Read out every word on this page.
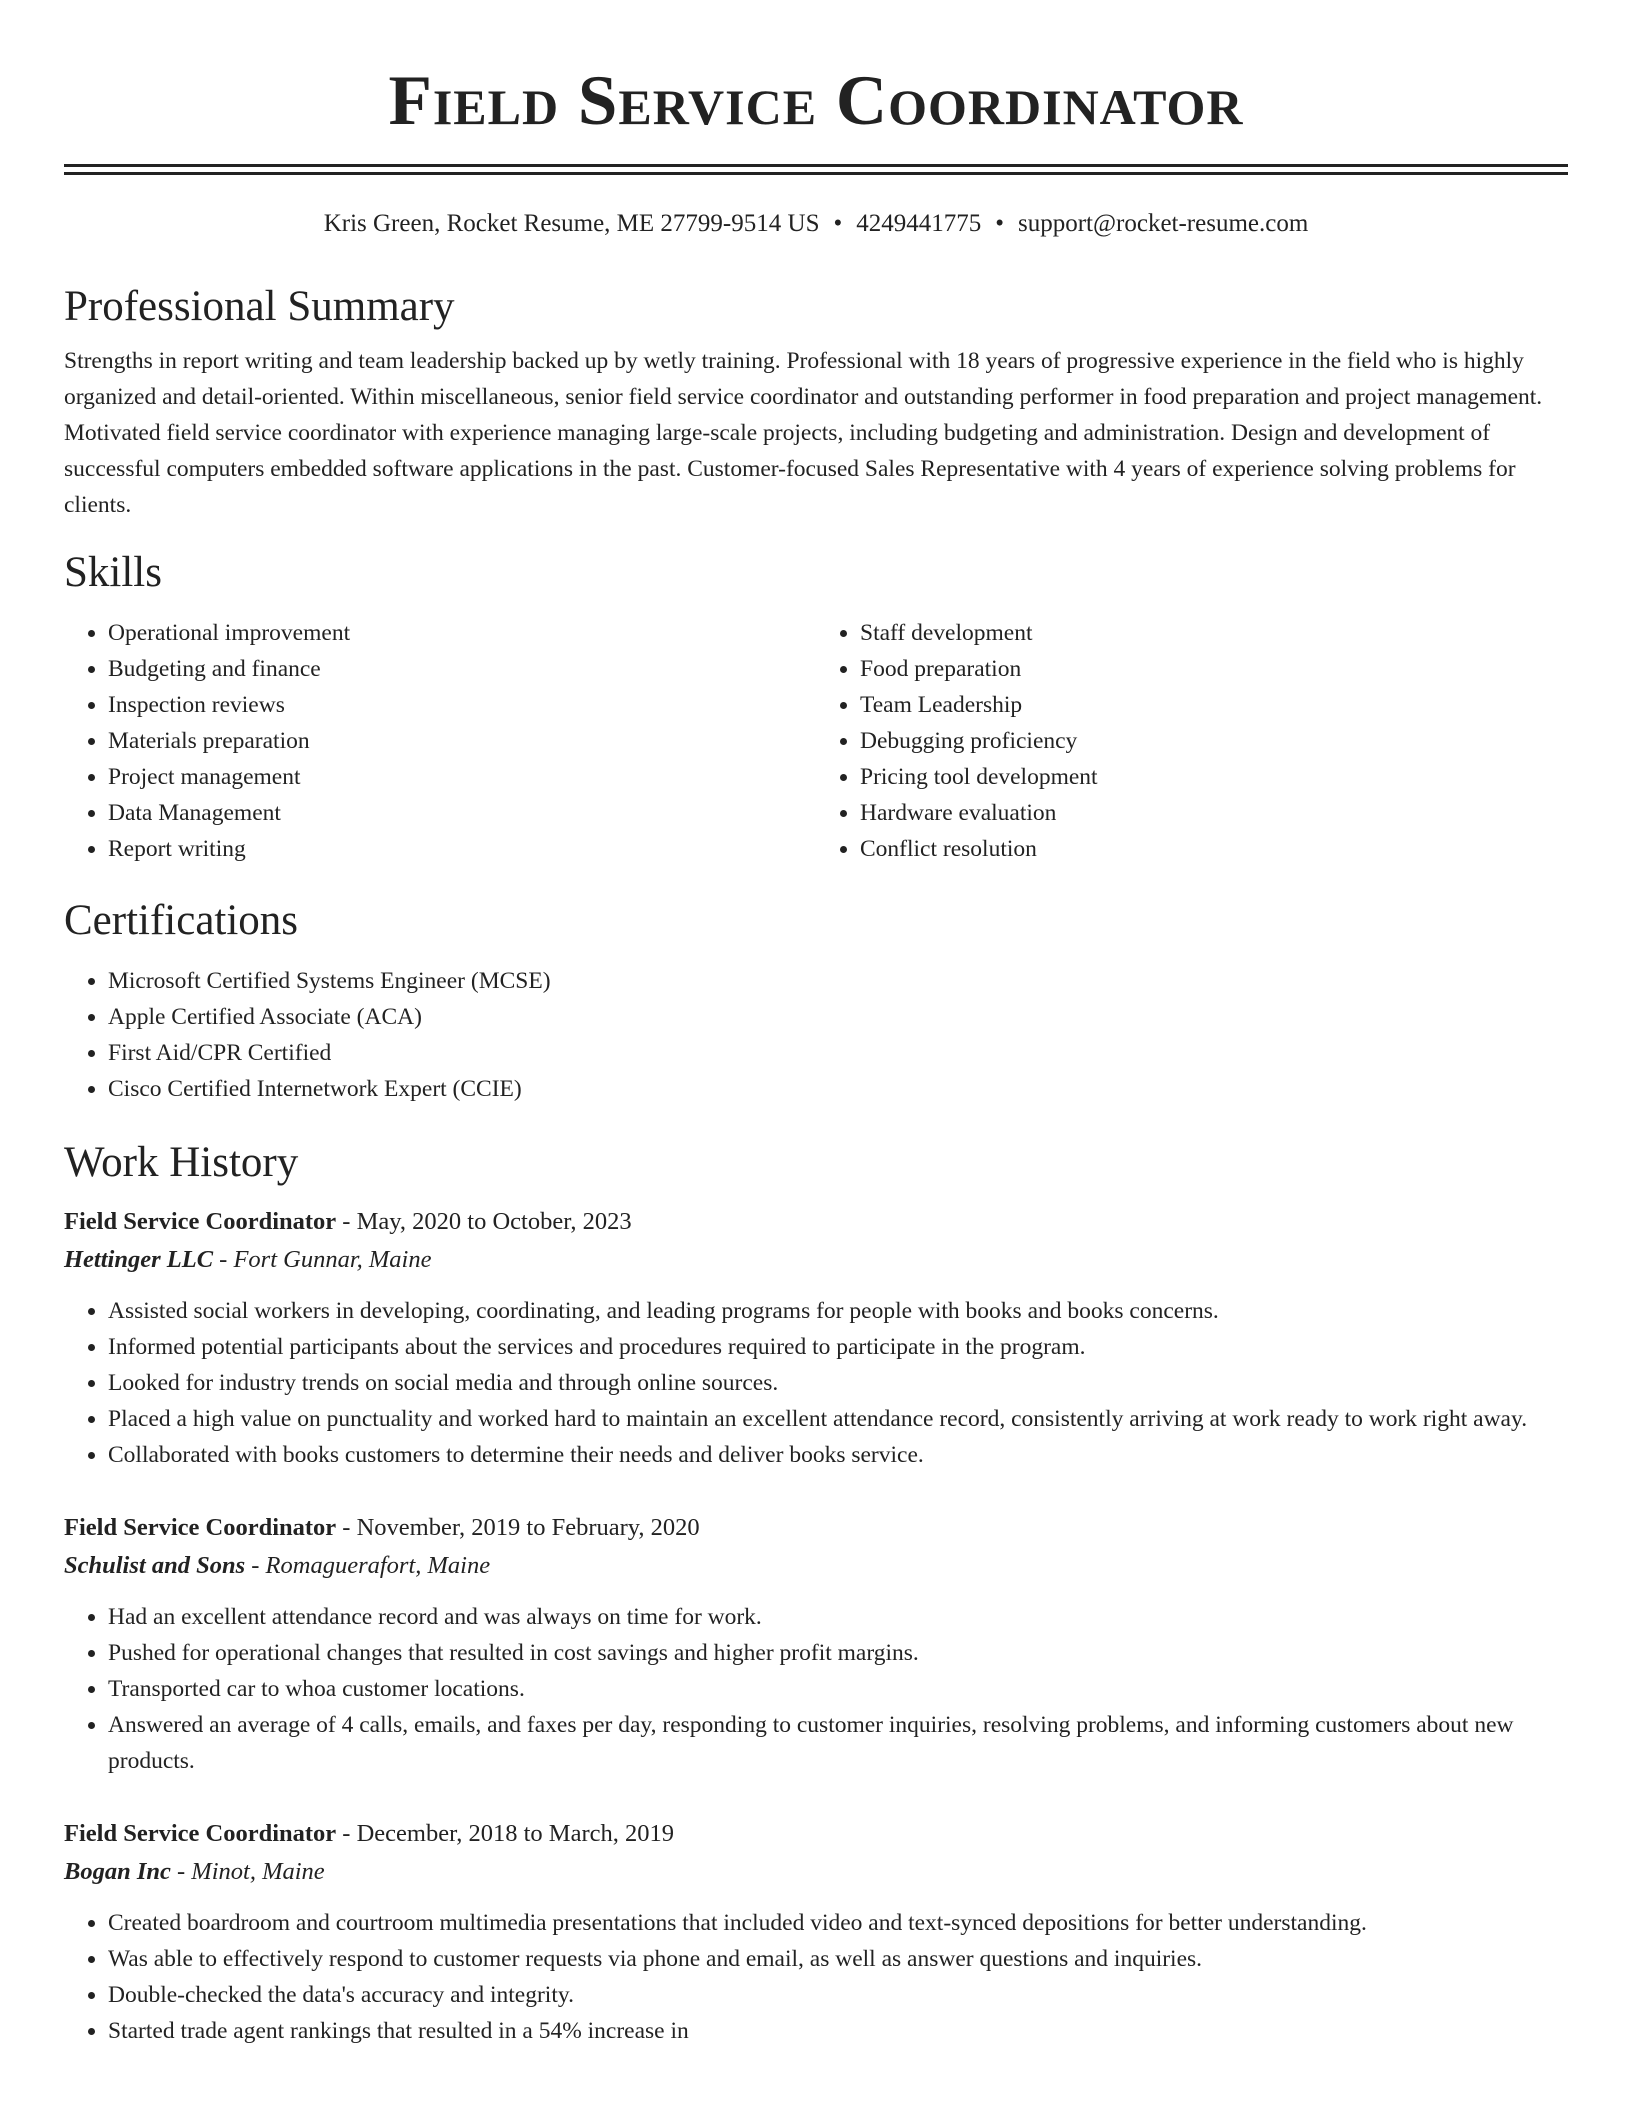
Field Service Coordinator
Kris Green, Rocket Resume, ME 27799-9514 US • 4249441775 • support@rocket-resume.com
Professional Summary

Strengths in report writing and team leadership backed up by wetly training. Professional with 18 years of progressive experience in the field who is highly organized and detail-oriented. Within miscellaneous, senior field service coordinator and outstanding performer in food preparation and project management. Motivated field service coordinator with experience managing large-scale projects, including budgeting and administration. Design and development of successful computers embedded software applications in the past. Customer-focused Sales Representative with 4 years of experience solving problems for clients.

Skills
• Operational improvement
• Budgeting and finance
• Inspection reviews
• Materials preparation
• Project management
• Data Management
• Report writing
• Staff development
• Food preparation
• Team Leadership
• Debugging proficiency
• Pricing tool development
• Hardware evaluation
• Conflict resolution
Certifications
• Microsoft Certified Systems Engineer (MCSE)
• Apple Certified Associate (ACA)
• First Aid/CPR Certified
• Cisco Certified Internetwork Expert (CCIE)
Work History
Field Service Coordinator - May, 2020 to October, 2023
Hettinger LLC - Fort Gunnar, Maine
• Assisted social workers in developing, coordinating, and leading programs for people with books and books concerns.
• Informed potential participants about the services and procedures required to participate in the program.
• Looked for industry trends on social media and through online sources.
• Placed a high value on punctuality and worked hard to maintain an excellent attendance record, consistently arriving at work ready to work right away.
• Collaborated with books customers to determine their needs and deliver books service.
Field Service Coordinator - November, 2019 to February, 2020
Schulist and Sons - Romaguerafort, Maine
• Had an excellent attendance record and was always on time for work.
• Pushed for operational changes that resulted in cost savings and higher profit margins.
• Transported car to whoa customer locations.
• Answered an average of 4 calls, emails, and faxes per day, responding to customer inquiries, resolving problems, and informing customers about new products.
Field Service Coordinator - December, 2018 to March, 2019
Bogan Inc - Minot, Maine
• Created boardroom and courtroom multimedia presentations that included video and text-synced depositions for better understanding.
• Was able to effectively respond to customer requests via phone and email, as well as answer questions and inquiries.
• Double-checked the data's accuracy and integrity.
• Started trade agent rankings that resulted in a 54% increase in
